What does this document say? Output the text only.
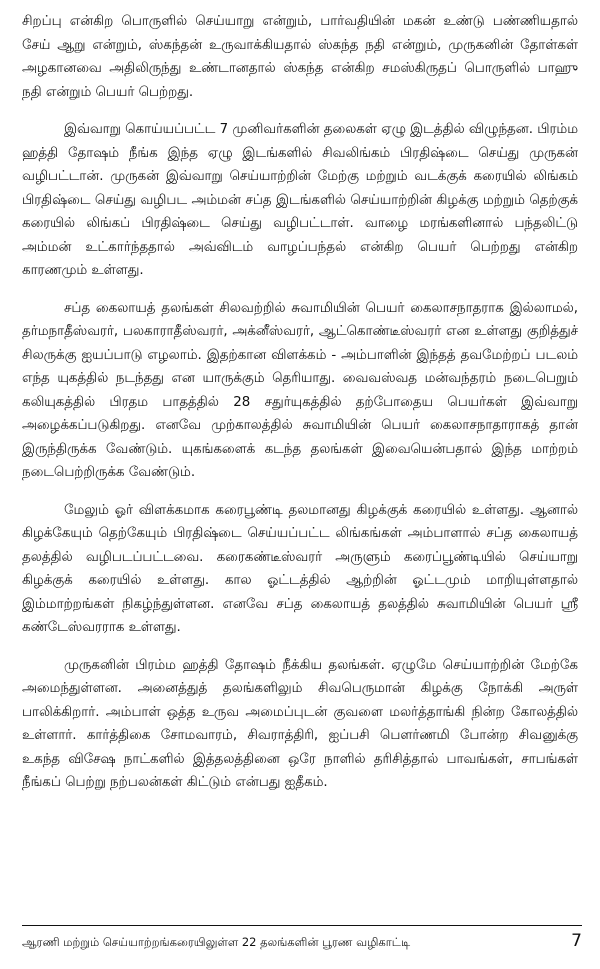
சிறப்பு என்கிற பொருளில் செய்யாறு என்றும், பார்வதியின் மகன் உண்டு பண்ணியதால் சேய் ஆறு என்றும், ஸ்கந்தன் உருவாக்கியதால் ஸ்கந்த நதி என்றும், முருகனின் தோள்கள் அழகானவை அதிலிருந்து உண்டானதால் ஸ்கந்த என்கிற சமஸ்கிருதப் பொருளில் பாஹு நதி என்றும் பெயர் பெற்றது.

இவ்வாறு கொய்யப்பட்ட 7 முனிவர்களின் தலைகள் ஏழு இடத்தில் விழுந்தன. பிரம்ம ஹத்தி தோஷம் நீங்க இந்த ஏழு இடங்களில் சிவலிங்கம் பிரதிஷ்டை செய்து முருகன் வழிபட்டான். முருகன் இவ்வாறு செய்யாற்றின் மேற்கு மற்றும் வடக்குக் கரையில் லிங்கம் பிரதிஷ்டை செய்து வழிபட அம்மன் சப்த இடங்களில் செய்யாற்றின் கிழக்கு மற்றும் தெற்குக் கரையில் லிங்கப் பிரதிஷ்டை செய்து வழிபட்டாள். வாழை மரங்களினால் பந்தலிட்டு அம்மன் உட்கார்ந்ததால் அவ்விடம் வாழப்பந்தல் என்கிற பெயர் பெற்றது என்கிற காரணமும் உள்ளது.

சப்த கைலாயத் தலங்கள் சிலவற்றில் சுவாமியின் பெயர் கைலாசநாதராக இல்லாமல், தர்மநாதீஸ்வரர், பலகாராதீஸ்வரர், அக்னீஸ்வரர், ஆட்கொண்டீஸ்வரர் என உள்ளது குறித்துச் சிலருக்கு ஐயப்பாடு எழலாம். இதற்கான விளக்கம் - அம்பாளின் இந்தத் தவமேற்றப் படலம் எந்த யுகத்தில் நடந்தது என யாருக்கும் தெரியாது. வைவஸ்வத மன்வந்தரம் நடைபெறும் கலியுகத்தில் பிரதம பாதத்தில் 28 சதுர்யுகத்தில் தற்போதைய பெயர்கள் இவ்வாறு அழைக்கப்படுகிறது. எனவே முற்காலத்தில் சுவாமியின் பெயர் கைலாசநாதாராகத் தான் இருந்திருக்க வேண்டும். யுகங்களைக் கடந்த தலங்கள் இவையென்பதால் இந்த மாற்றம் நடைபெற்றிருக்க வேண்டும்.

மேலும் ஓர் விளக்கமாக கரைபூண்டி தலமானது கிழக்குக் கரையில் உள்ளது. ஆனால் கிழக்கேயும் தெற்கேயும் பிரதிஷ்டை செய்யப்பட்ட லிங்கங்கள் அம்பாளால் சப்த கைலாயத் தலத்தில் வழிபடப்பட்டவை. கரைகண்டீஸ்வரர் அருளும் கரைப்பூண்டியில் செய்யாறு கிழக்குக் கரையில் உள்ளது. கால ஓட்டத்தில் ஆற்றின் ஓட்டமும் மாறியுள்ளதால் இம்மாற்றங்கள் நிகழ்ந்துள்ளன. எனவே சப்த கைலாயத் தலத்தில் சுவாமியின் பெயர் ஸ்ரீ கண்டேஸ்வரராக உள்ளது.

முருகனின் பிரம்ம ஹத்தி தோஷம் நீக்கிய தலங்கள். ஏழுமே செய்யாற்றின் மேற்கே அமைந்துள்ளன. அனைத்துத் தலங்களிலும் சிவபெருமான் கிழக்கு நோக்கி அருள் பாலிக்கிறார். அம்பாள் ஒத்த உருவ அமைப்புடன் குவளை மலர்த்தாங்கி நின்ற கோலத்தில் உள்ளார். கார்த்திகை சோமவாரம், சிவராத்திரி, ஐப்பசி பௌர்ணமி போன்ற சிவனுக்கு உகந்த விசேஷ நாட்களில் இத்தலத்தினை ஒரே நாளில் தரிசித்தால் பாவங்கள், சாபங்கள் நீங்கப் பெற்று நற்பலன்கள் கிட்டும் என்பது ஐதீகம்.

ஆரணி மற்றும் செய்யாற்றங்கரையிலுள்ள 22 தலங்களின் பூரண வழிகாட்டி	7
